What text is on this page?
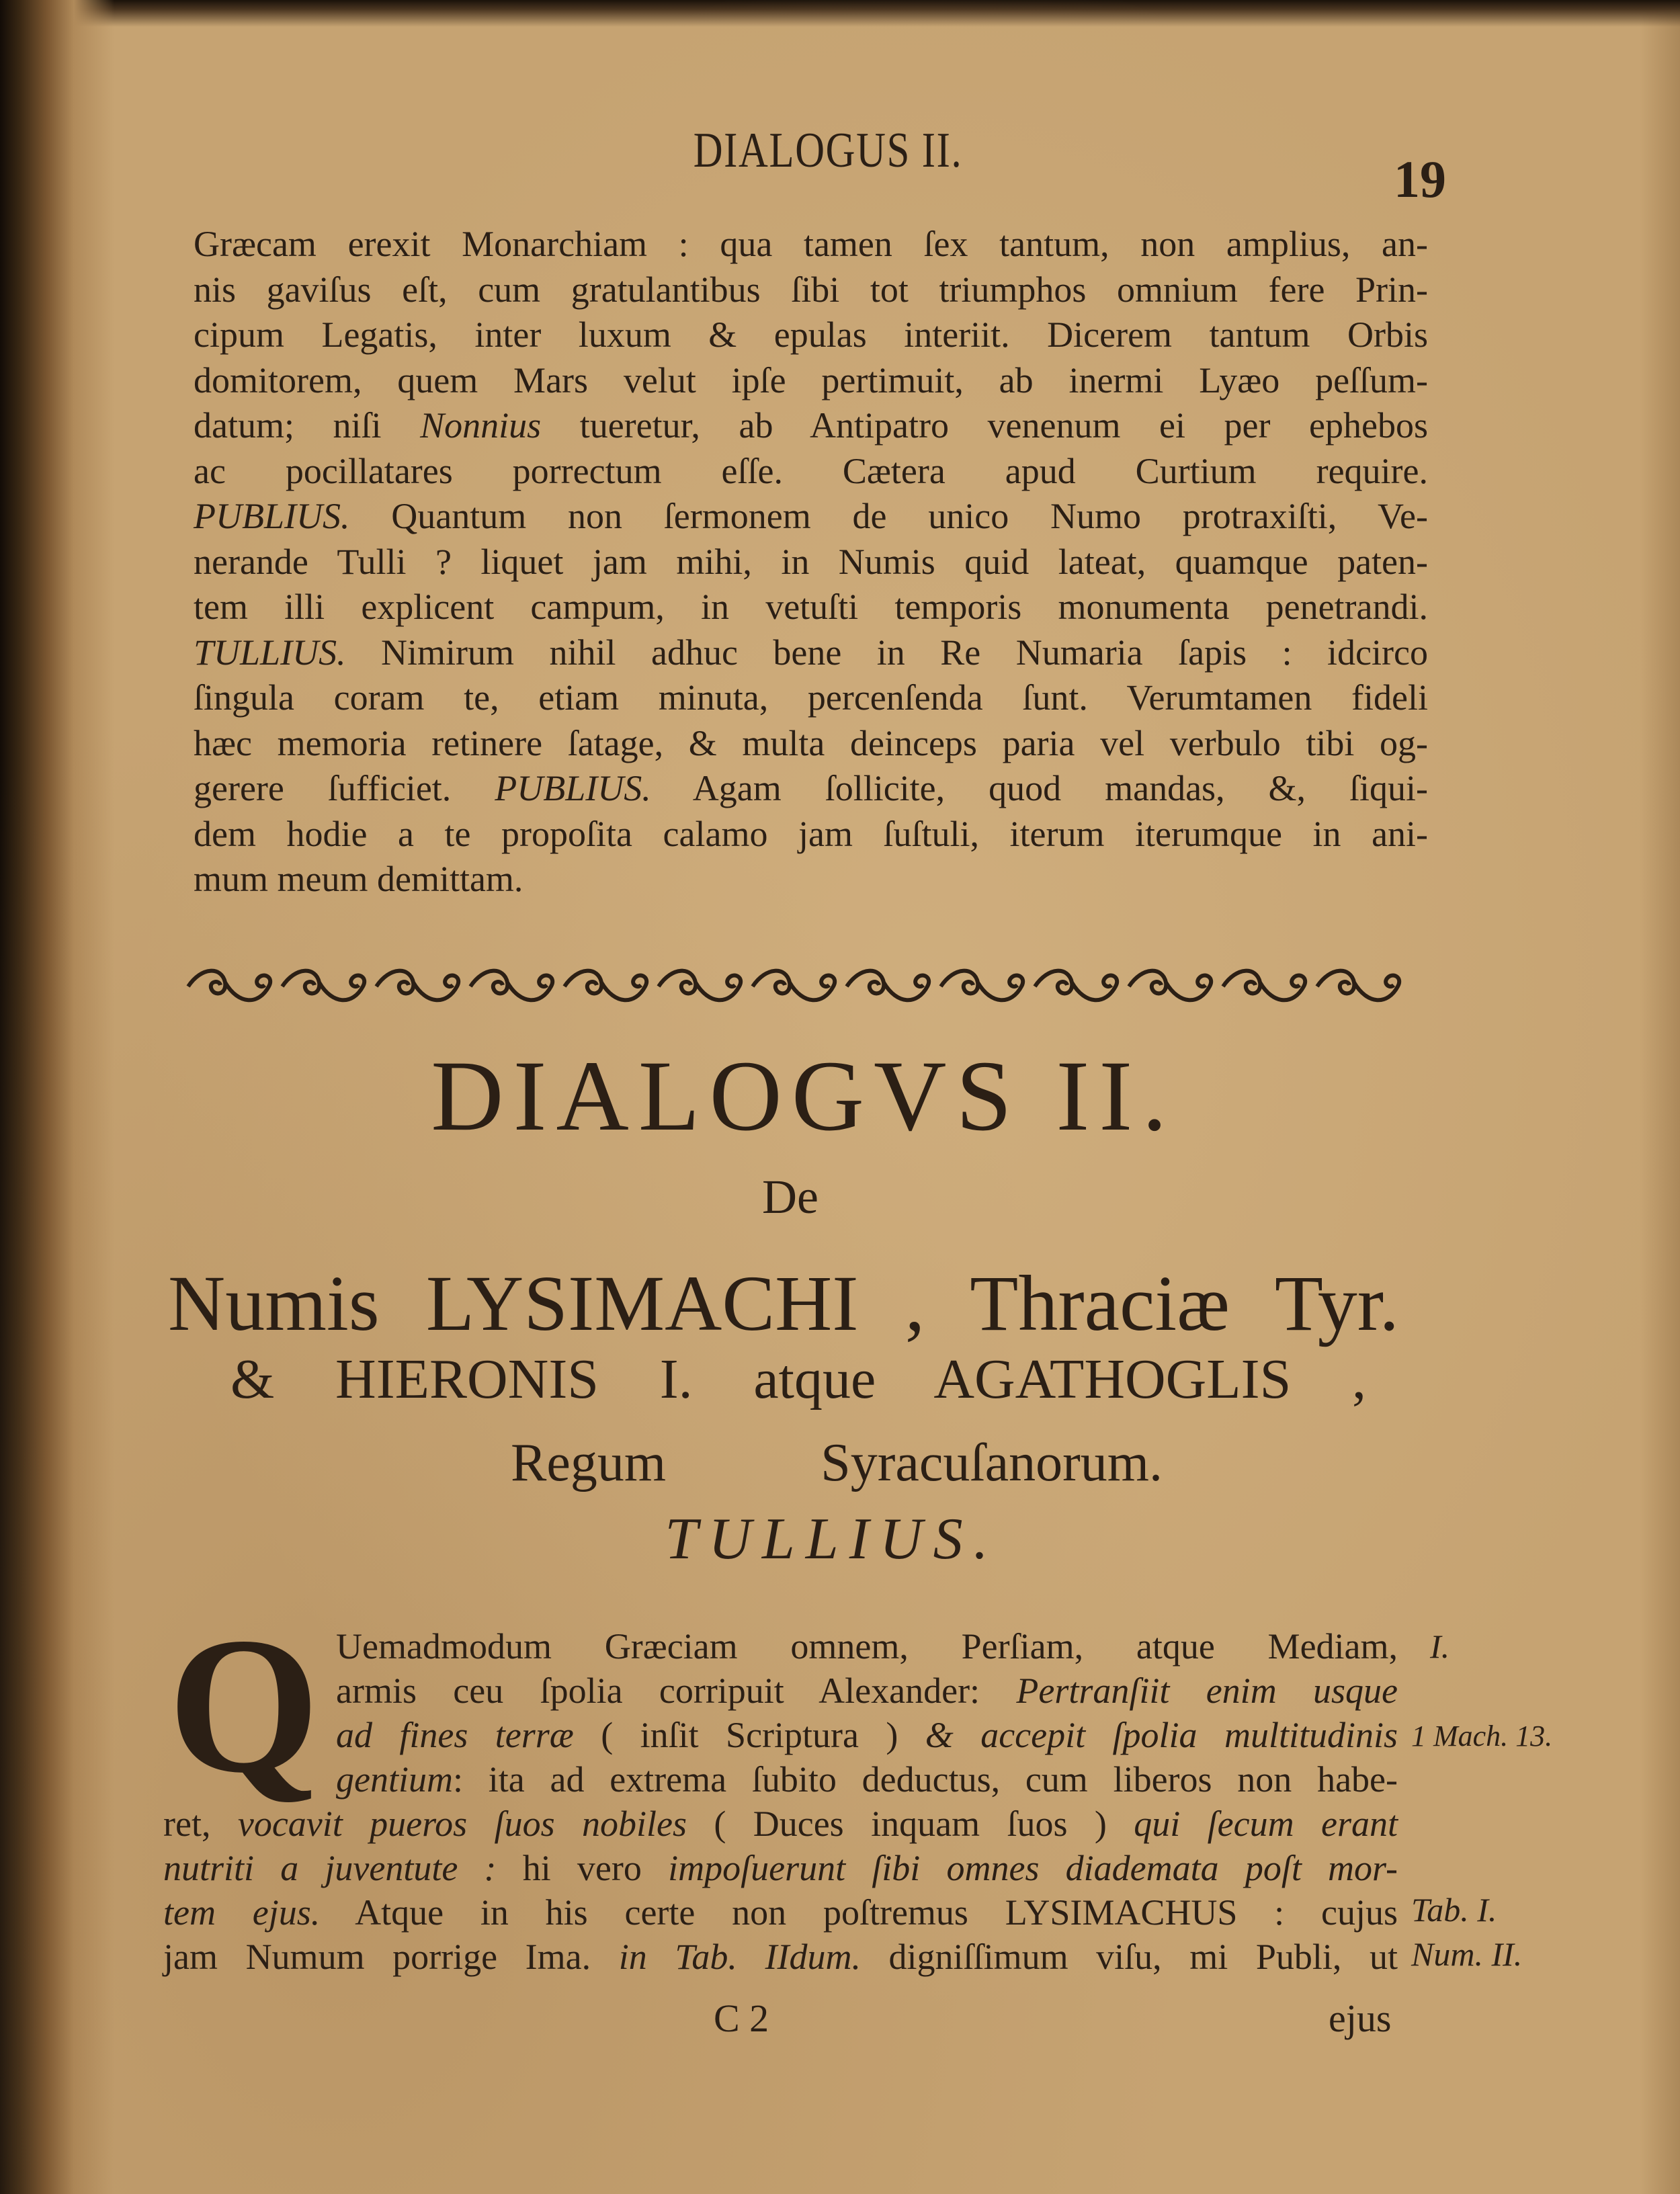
DIALOGUS II.	19
Græcam erexit Monarchiam : qua tamen ſex tantum, non amplius, an-
nis gaviſus eſt, cum gratulantibus ſibi tot triumphos omnium fere Prin-
cipum Legatis, inter luxum & epulas interiit. Dicerem tantum Orbis
domitorem, quem Mars velut ipſe pertimuit, ab inermi Lyæo peſſum-
datum; niſi Nonnius tueretur, ab Antipatro venenum ei per ephebos
ac pocillatares porrectum eſſe. Cætera apud Curtium require.
PUBLIUS. Quantum non ſermonem de unico Numo protraxiſti, Ve-
nerande Tulli ? liquet jam mihi, in Numis quid lateat, quamque paten-
tem illi explicent campum, in vetuſti temporis monumenta penetrandi.
TULLIUS. Nimirum nihil adhuc bene in Re Numaria ſapis : idcirco
ſingula coram te, etiam minuta, percenſenda ſunt. Verumtamen fideli
hæc memoria retinere ſatage, & multa deinceps paria vel verbulo tibi og-
gerere ſufficiet. PUBLIUS. Agam ſollicite, quod mandas, &, ſiqui-
dem hodie a te propoſita calamo jam ſuſtuli, iterum iterumque in ani-
mum meum demittam.
DIALOGVS II.
De
Numis LYSIMACHI , Thraciæ Tyr.
& HIERONIS I. atque AGATHOGLIS ,
Regum Syracuſanorum.
TULLIUS.
Q Uemadmodum Græciam omnem, Perſiam, atque Mediam,
armis ceu ſpolia corripuit Alexander: Pertranſiit enim usque
ad fines terræ ( inſit Scriptura ) & accepit ſpolia multitudinis
gentium: ita ad extrema ſubito deductus, cum liberos non habe-
ret, vocavit pueros ſuos nobiles ( Duces inquam ſuos ) qui ſecum erant
nutriti a juventute : hi vero impoſuerunt ſibi omnes diademata poſt mor-
tem ejus. Atque in his certe non poſtremus LYSIMACHUS : cujus
jam Numum porrige Ima. in Tab. IIdum. digniſſimum viſu, mi Publi, ut
I.
1 Mach. 13.
Tab. I.
Num. II.
C 2	ejus
